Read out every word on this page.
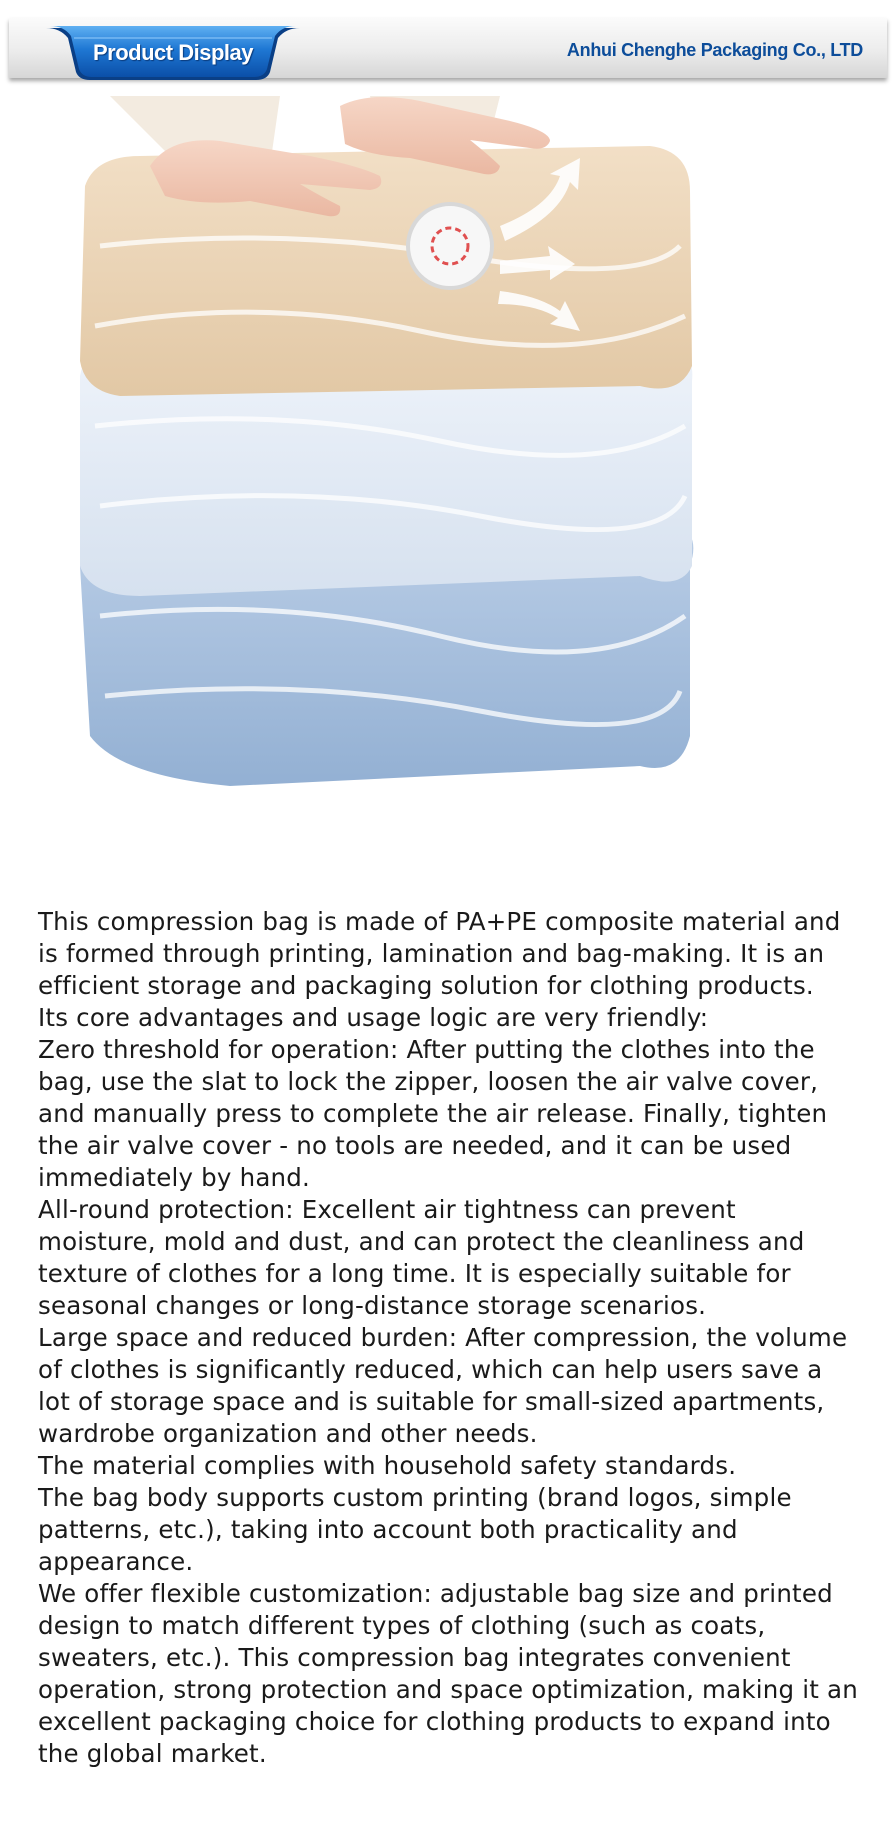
Product Display	Anhui Chenghe Packaging Co., LTD

This compression bag is made of PA+PE composite material and is formed through printing, lamination and bag-making. It is an efficient storage and packaging solution for clothing products.

Its core advantages and usage logic are very friendly:

Zero threshold for operation: After putting the clothes into the bag, use the slat to lock the zipper, loosen the air valve cover, and manually press to complete the air release. Finally, tighten the air valve cover - no tools are needed, and it can be used immediately by hand.

All-round protection: Excellent air tightness can prevent moisture, mold and dust, and can protect the cleanliness and texture of clothes for a long time. It is especially suitable for seasonal changes or long-distance storage scenarios.

Large space and reduced burden: After compression, the volume of clothes is significantly reduced, which can help users save a lot of storage space and is suitable for small-sized apartments, wardrobe organization and other needs.

The material complies with household safety standards.

The bag body supports custom printing (brand logos, simple patterns, etc.), taking into account both practicality and appearance.

We offer flexible customization: adjustable bag size and printed design to match different types of clothing (such as coats, sweaters, etc.). This compression bag integrates convenient operation, strong protection and space optimization, making it an excellent packaging choice for clothing products to expand into the global market.
